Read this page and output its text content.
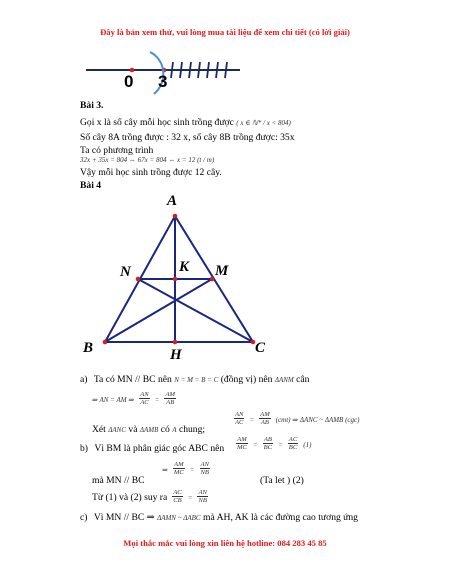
Đây là bản xem thử, vui lòng mua tài liệu để xem chi tiết (có lời giải)
0 3
Bài 3.
Gọi x là số cây mỗi học sinh trồng được ( x ∈ ℕ* / x < 804)
Số cây 8A trồng được : 32 x, số cây 8B trồng được: 35x
Ta có phương trình
32x + 35x = 804 ⇔ 67x = 804 ⇔ x = 12 (t / m)
Vậy mỗi học sinh trồng được 12 cây.
Bài 4
A
B	C
N	M
K
H
a) Ta có MN // BC nên N = M = B = C (đồng vị) nên ΔANM cân
⇒ AN = AM ⇒ $\frac{AN}{AC} = \frac{AM}{AB}$
$\frac{AN}{AC} = \frac{AM}{AB} (cmt)$ ⇒ ΔANC ~ ΔAMB (cgc)
Xét ΔANC và ΔAMB có A chung;
b) Vì BM là phân giác góc ABC nên $\frac{AM}{MC} = \frac{AB}{BC} = \frac{AC}{BC} (1)$
⇒ $\frac{AM}{MC} = \frac{AN}{NB}$
mà MN // BC	(Ta let ) (2)
Từ (1) và (2) suy ra $\frac{AC}{CB} = \frac{AN}{NB}$
c) Vì MN // BC ⇒ ΔAMN ~ ΔABC mà AH, AK là các đường cao tương ứng
Mọi thắc mắc vui lòng xin liên hệ hotline: 084 283 45 85
